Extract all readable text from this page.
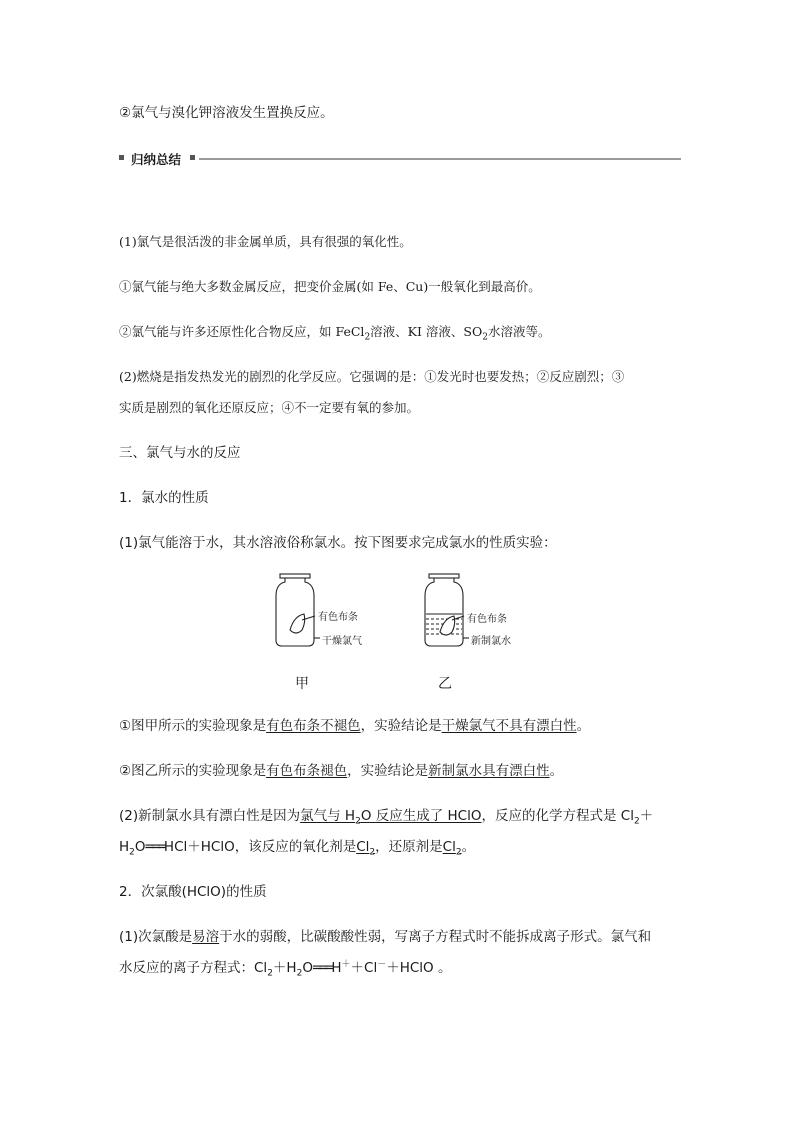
②氯气与溴化钾溶液发生置换反应。
归纳总结
(1)氯气是很活泼的非金属单质，具有很强的氧化性。
①氯气能与绝大多数金属反应，把变价金属(如 Fe、Cu)一般氧化到最高价。
②氯气能与许多还原性化合物反应，如 FeCl$_2$溶液、KI 溶液、$SO_2$水溶液等。
(2)燃烧是指发热发光的剧烈的化学反应。它强调的是：①发光时也要发热；②反应剧烈；③
实质是剧烈的氧化还原反应；④不一定要有氧的参加。
三、氯气与水的反应
1．氯水的性质
(1)氯气能溶于水，其水溶液俗称氯水。按下图要求完成氯水的性质实验：
有色布条
干燥氯气
有色布条
新制氯水
甲	乙
①图甲所示的实验现象是有色布条不褪色，实验结论是干燥氯气不具有漂白性。
②图乙所示的实验现象是有色布条褪色，实验结论是新制氯水具有漂白性。
(2)新制氯水具有漂白性是因为氯气与 $H_2O$ 反应生成了 HClO，反应的化学方程式是 $Cl_2+$
$H_2O═══HCl+HClO$，该反应的氧化剂是$Cl_2$，还原剂是$Cl_2$。
2．次氯酸(HClO)的性质
(1)次氯酸是易溶于水的弱酸，比碳酸酸性弱，写离子方程式时不能拆成离子形式。氯气和
水反应的离子方程式：$Cl_2+H_2O═══H^++Cl^-+HClO$ 。
